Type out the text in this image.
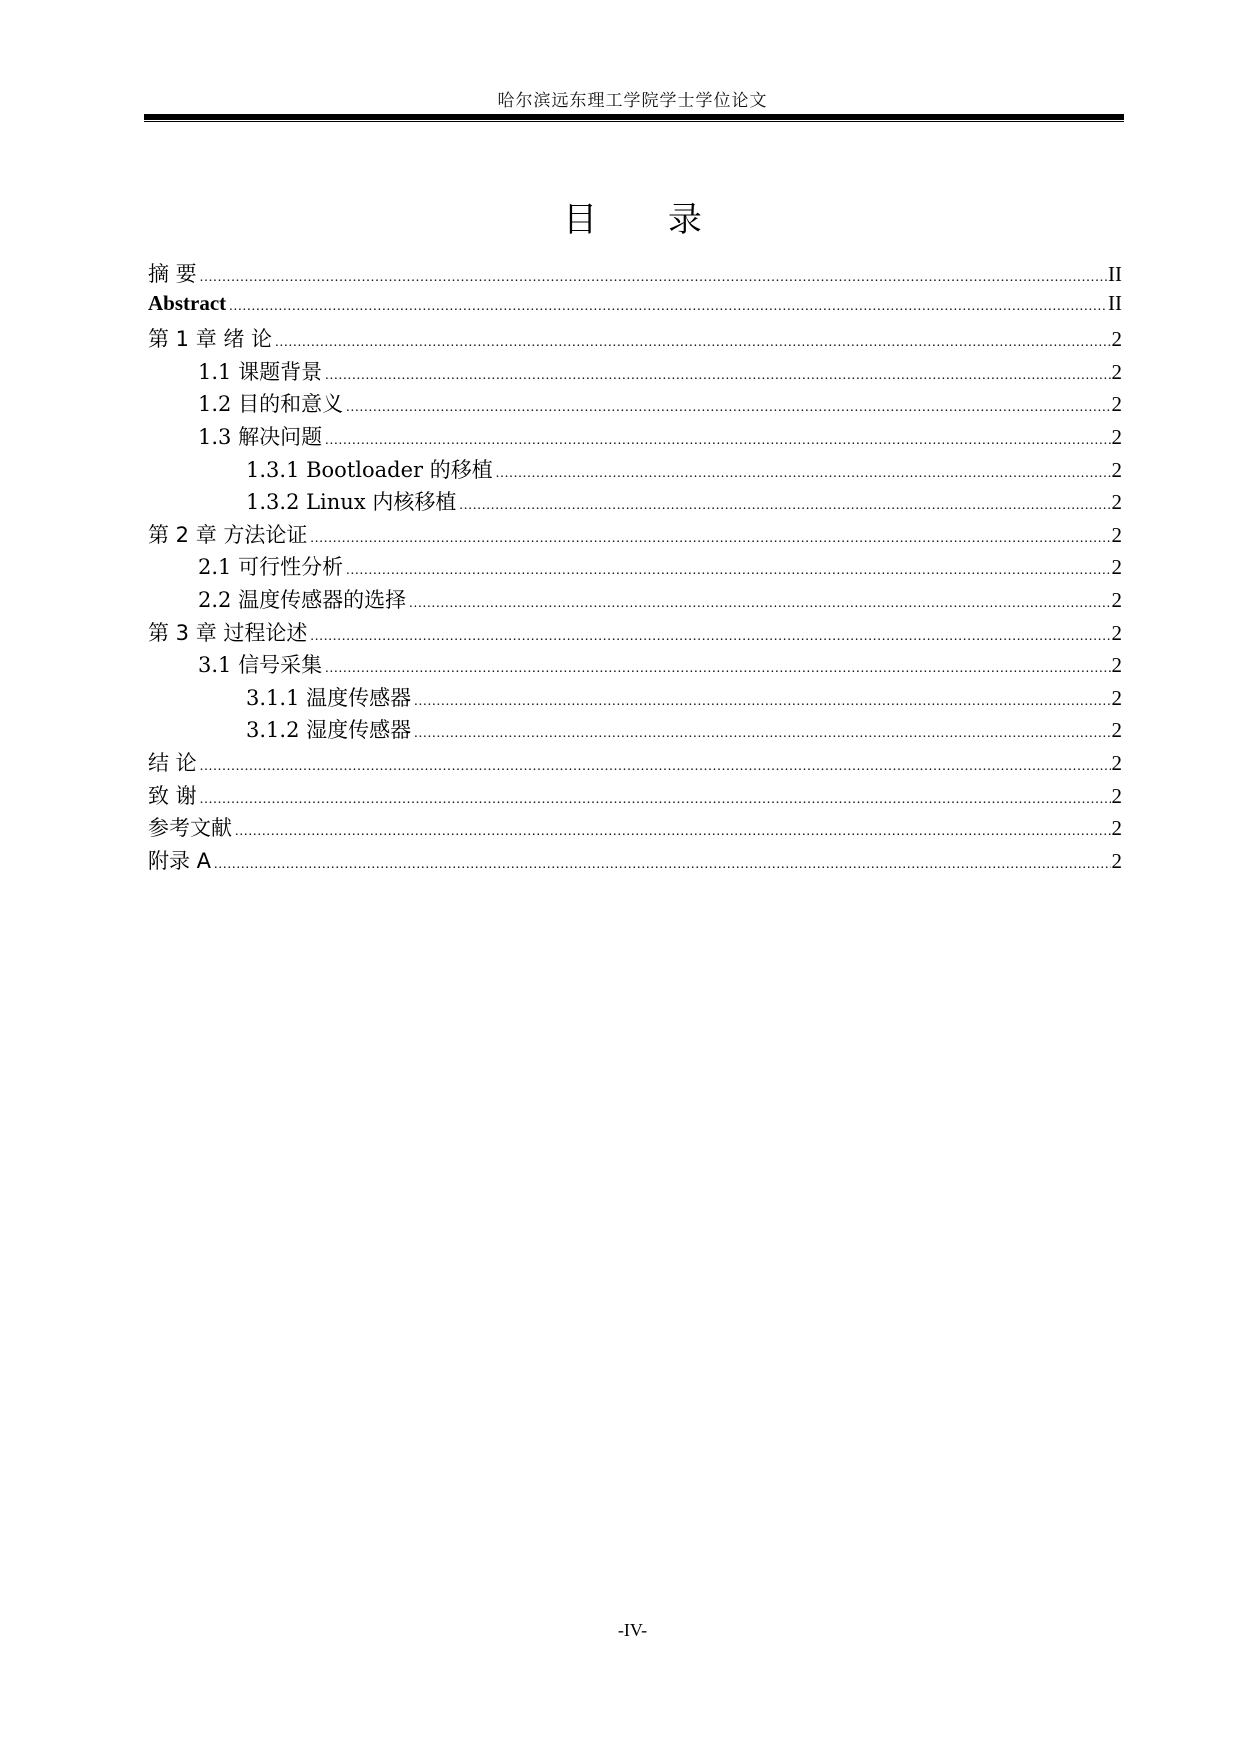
哈尔滨远东理工学院学士学位论文
目 录
摘 要 .....	II
Abstract .....	II
第 1 章 绪 论 .....	2
1.1 课题背景 .....	2
1.2 目的和意义 .....	2
1.3 解决问题 .....	2
1.3.1 Bootloader 的移植 .....	2
1.3.2 Linux 内核移植 .....	2
第 2 章 方法论证 .....	2
2.1 可行性分析 .....	2
2.2 温度传感器的选择 .....	2
第 3 章 过程论述 .....	2
3.1 信号采集 .....	2
3.1.1 温度传感器 .....	2
3.1.2 湿度传感器 .....	2
结 论 .....	2
致 谢 .....	2
参考文献 .....	2
附录 A .....	2
-IV-
